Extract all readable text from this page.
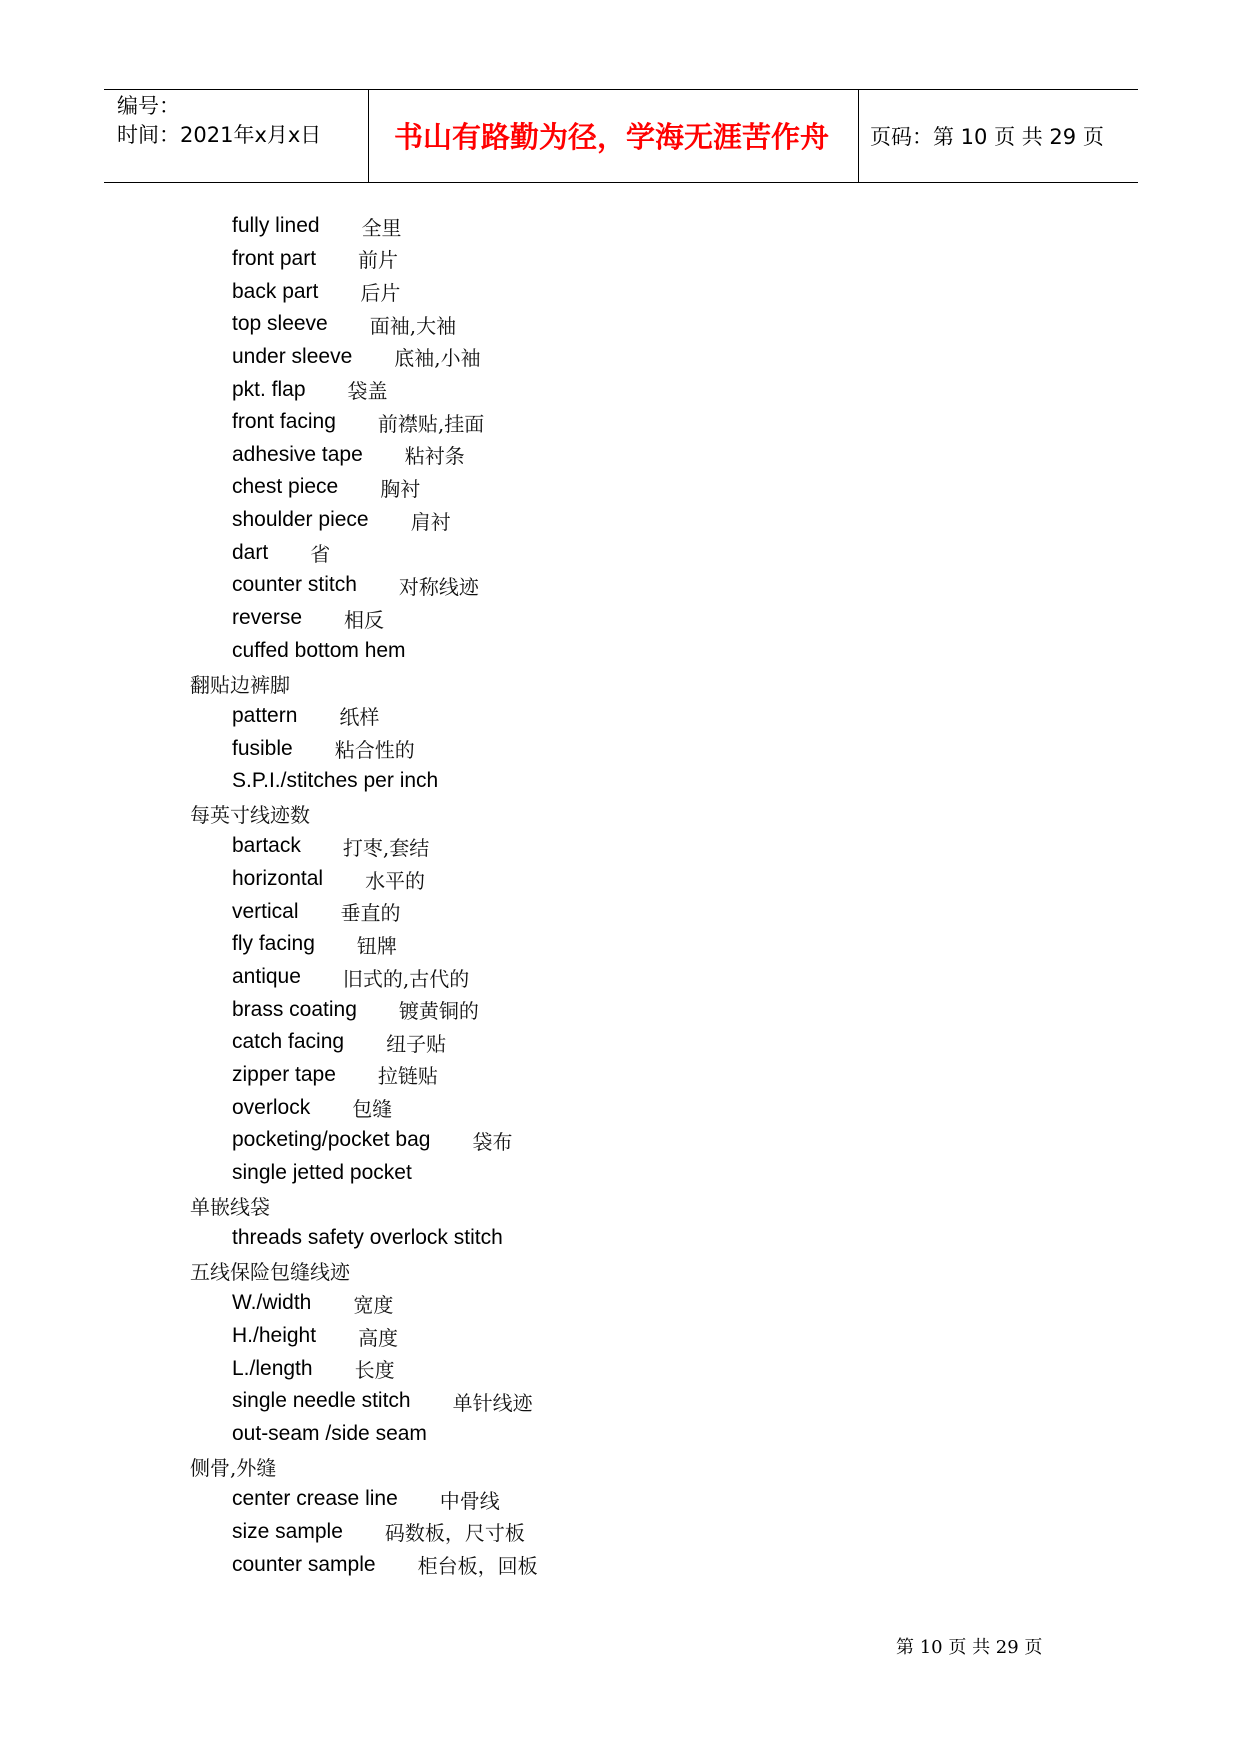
编号：
时间：2021年x月x日	书山有路勤为径，学海无涯苦作舟 页码：第 10 页 共 29 页
fully lined 全里
front part 前片
back part 后片
top sleeve 面袖,大袖
under sleeve 底袖,小袖
pkt. flap 袋盖
front facing 前襟贴,挂面
adhesive tape 粘衬条
chest piece 胸衬
shoulder piece 肩衬
dart 省
counter stitch 对称线迹
reverse 相反
cuffed bottom hem
翻贴边裤脚
pattern 纸样
fusible 粘合性的
S.P.I./stitches per inch
每英寸线迹数
bartack 打枣,套结
horizontal 水平的
vertical 垂直的
fly facing 钮牌
antique 旧式的,古代的
brass coating 镀黄铜的
catch facing 纽子贴
zipper tape 拉链贴
overlock 包缝
pocketing/pocket bag 袋布
single jetted pocket
单嵌线袋
threads safety overlock stitch
五线保险包缝线迹
W./width 宽度
H./height 高度
L./length 长度
single needle stitch 单针线迹
out-seam /side seam
侧骨,外缝
center crease line 中骨线
size sample 码数板，尺寸板
counter sample 柜台板，回板
第 10 页 共 29 页
